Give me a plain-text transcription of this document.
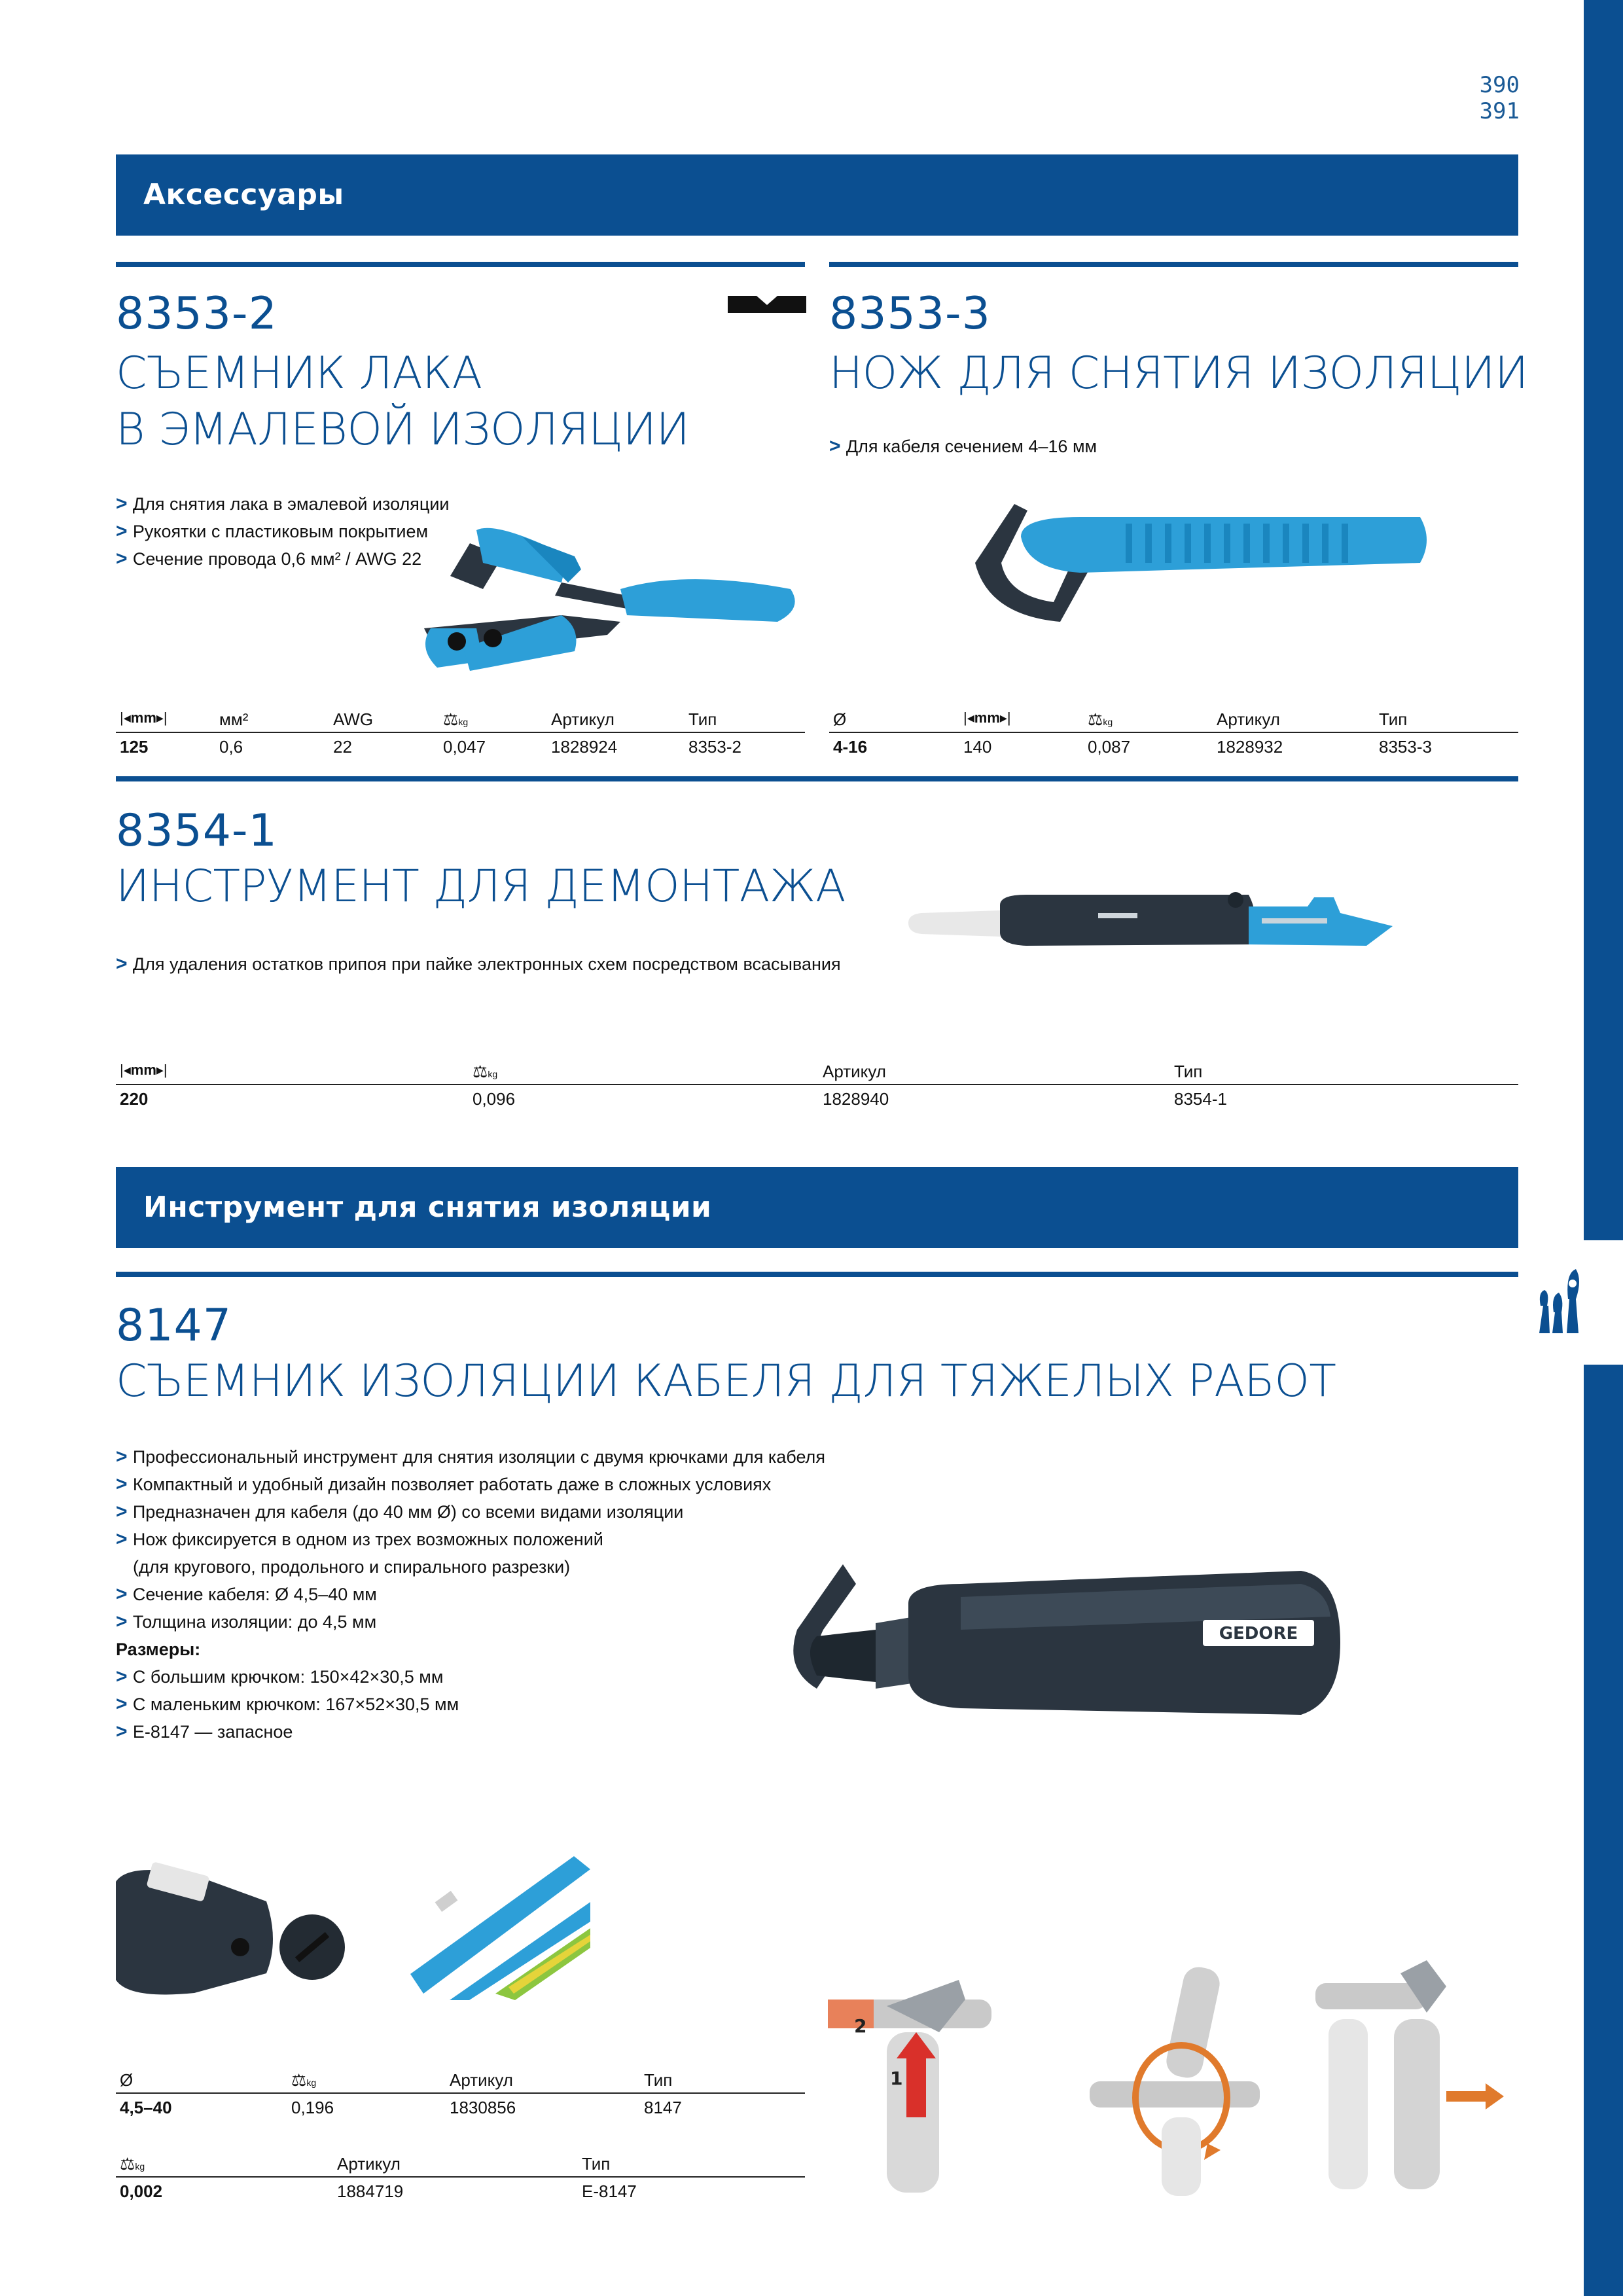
390
391
Аксессуары
8353-2
СЪЕМНИК ЛАКА
В ЭМАЛЕВОЙ ИЗОЛЯЦИИ
> Для снятия лака в эмалевой изоляции
> Рукоятки с пластиковым покрытием
> Сечение провода 0,6 мм² / AWG 22
|◂mm▸|	мм²	AWG	⚖kg	Артикул	Тип
125	0,6	22	0,047	1828924	8353-2
8353-3
НОЖ ДЛЯ СНЯТИЯ ИЗОЛЯЦИИ
> Для кабеля сечением 4–16 мм
Ø	|◂mm▸|	⚖kg	Артикул	Тип
4-16	140	0,087	1828932	8353-3
8354-1
ИНСТРУМЕНТ ДЛЯ ДЕМОНТАЖА
> Для удаления остатков припоя при пайке электронных схем посредством всасывания
|◂mm▸|	⚖kg	Артикул	Тип
220	0,096	1828940	8354-1
Инструмент для снятия изоляции
8147
СЪЕМНИК ИЗОЛЯЦИИ КАБЕЛЯ ДЛЯ ТЯЖЕЛЫХ РАБОТ
> Профессиональный инструмент для снятия изоляции с двумя крючками для кабеля
> Компактный и удобный дизайн позволяет работать даже в сложных условиях
> Предназначен для кабеля (до 40 мм Ø) со всеми видами изоляции
> Нож фиксируется в одном из трех возможных положений
(для кругового, продольного и спирального разрезки)
> Сечение кабеля: Ø 4,5–40 мм
> Толщина изоляции: до 4,5 мм
Размеры:
> С большим крючком: 150×42×30,5 мм
> С маленьким крючком: 167×52×30,5 мм
> E-8147 — запасное
GEDORE
2
1
Ø	⚖kg	Артикул	Тип
4,5–40	0,196	1830856	8147
⚖kg	Артикул	Тип
0,002	1884719	E-8147
